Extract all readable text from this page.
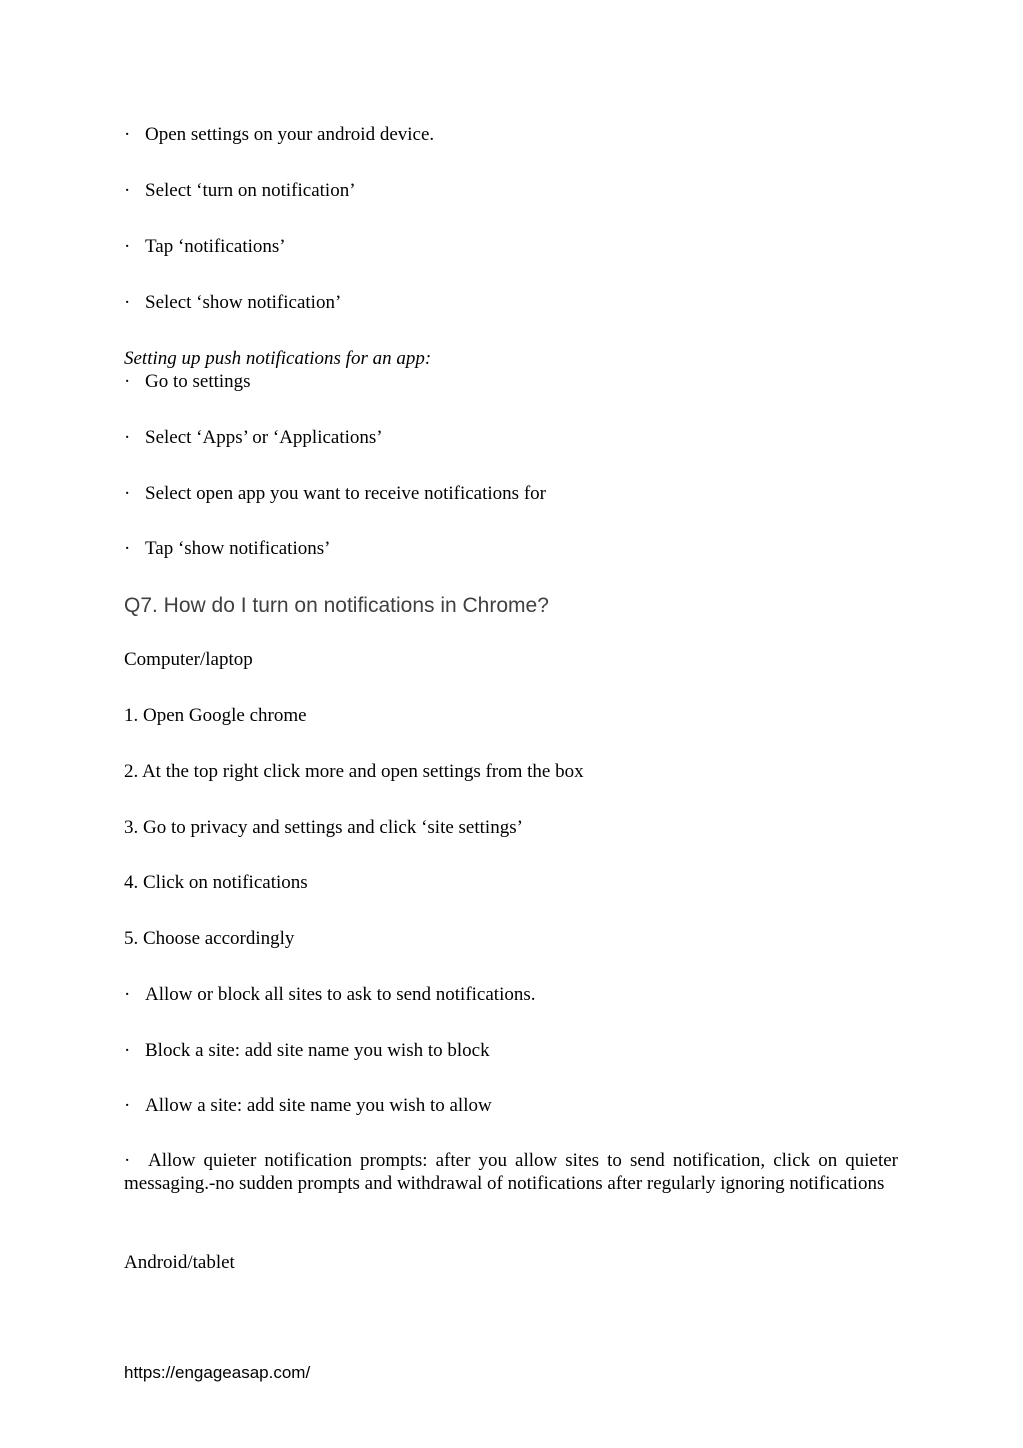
· Open settings on your android device.
· Select ‘turn on notification’
· Tap ‘notifications’
· Select ‘show notification’
Setting up push notifications for an app:
· Go to settings
· Select ‘Apps’ or ‘Applications’
· Select open app you want to receive notifications for
· Tap ‘show notifications’
Q7. How do I turn on notifications in Chrome?
Computer/laptop
1. Open Google chrome
2. At the top right click more and open settings from the box
3. Go to privacy and settings and click ‘site settings’
4. Click on notifications
5. Choose accordingly
· Allow or block all sites to ask to send notifications.
· Block a site: add site name you wish to block
· Allow a site: add site name you wish to allow
· Allow quieter notification prompts: after you allow sites to send notification, click on quieter messaging.-no sudden prompts and withdrawal of notifications after regularly ignoring notifications
Android/tablet
https://engageasap.com/
